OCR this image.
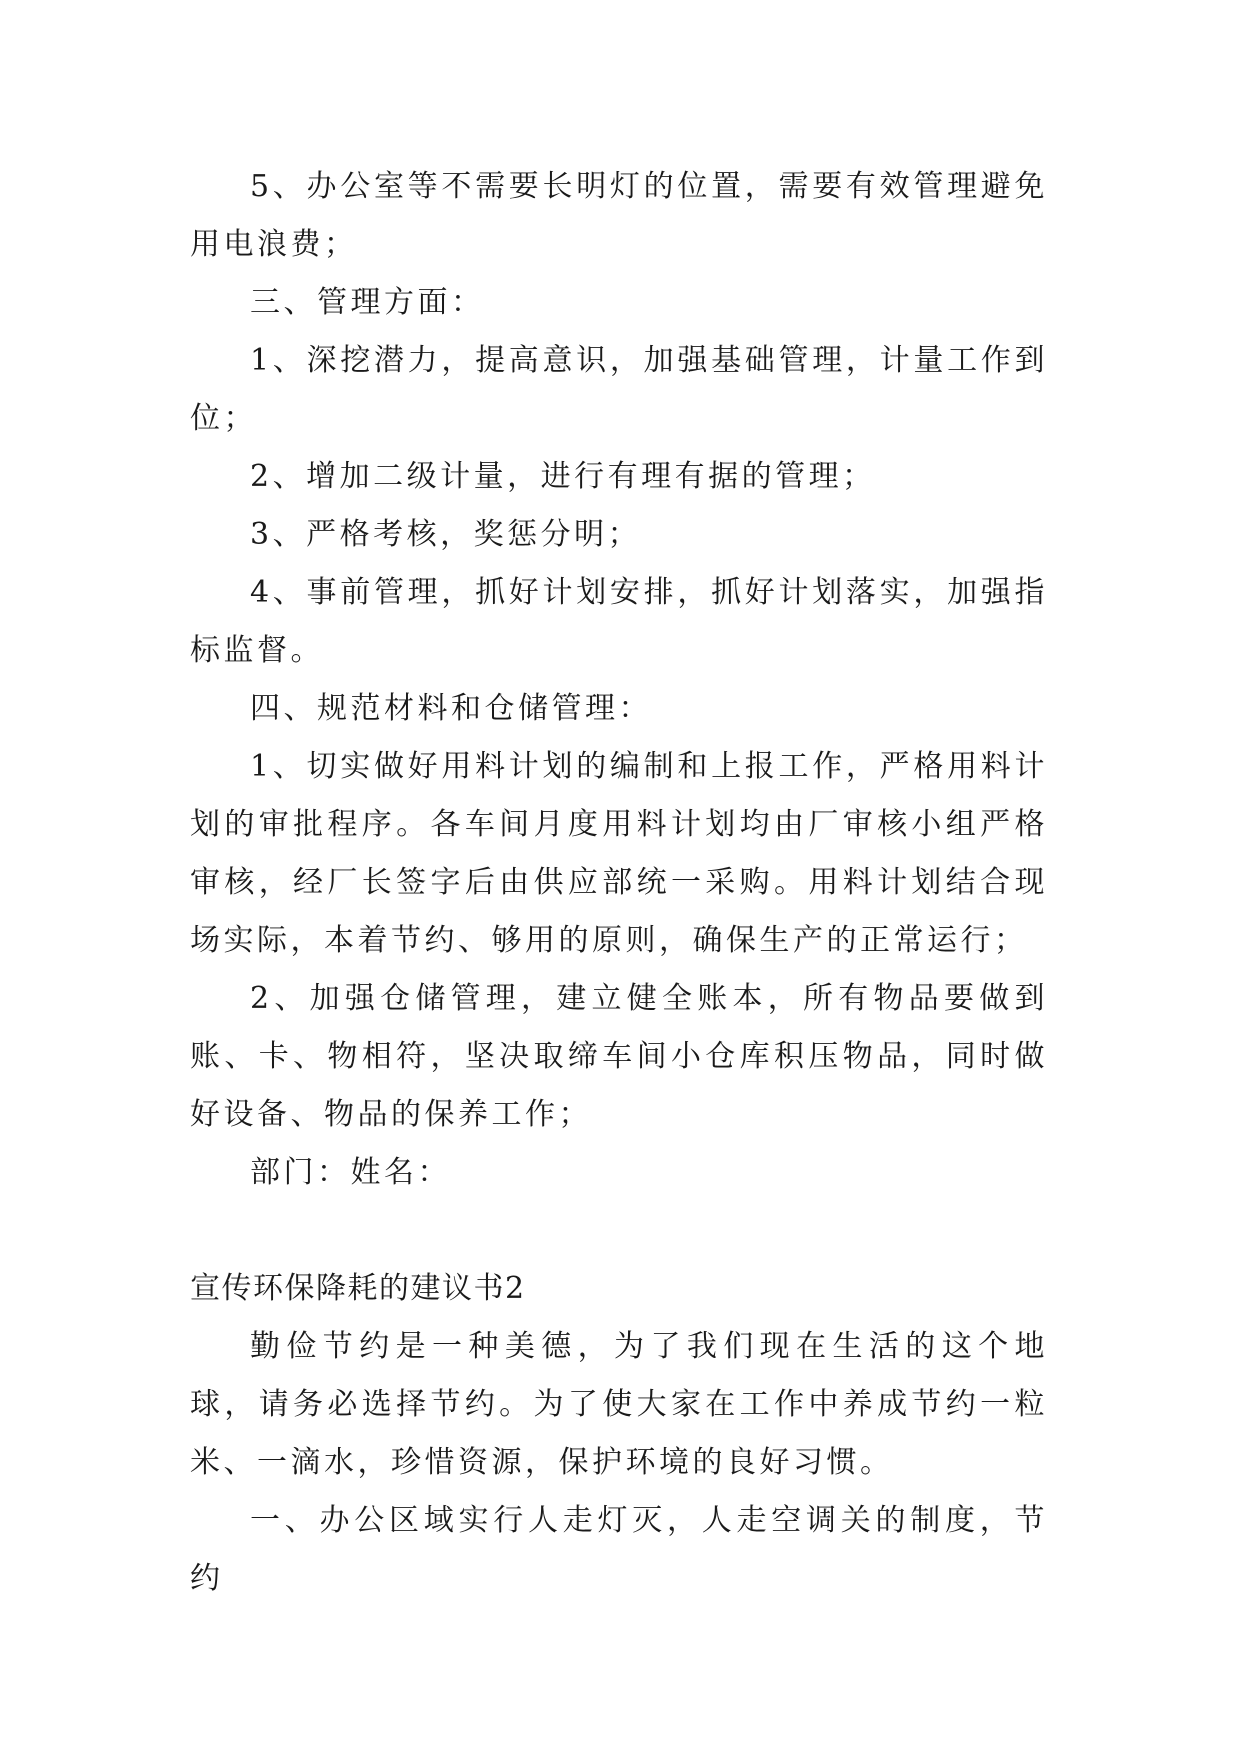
5、办公室等不需要长明灯的位置，需要有效管理避免用电浪费；

三、管理方面：

1、深挖潜力，提高意识，加强基础管理，计量工作到位；

2、增加二级计量，进行有理有据的管理；

3、严格考核，奖惩分明；

4、事前管理，抓好计划安排，抓好计划落实，加强指标监督。

四、规范材料和仓储管理：

1、切实做好用料计划的编制和上报工作，严格用料计划的审批程序。各车间月度用料计划均由厂审核小组严格审核，经厂长签字后由供应部统一采购。用料计划结合现场实际，本着节约、够用的原则，确保生产的正常运行；

2、加强仓储管理，建立健全账本，所有物品要做到账、卡、物相符，坚决取缔车间小仓库积压物品，同时做好设备、物品的保养工作；

部门：姓名：

宣传环保降耗的建议书2

勤俭节约是一种美德，为了我们现在生活的这个地球，请务必选择节约。为了使大家在工作中养成节约一粒米、一滴水，珍惜资源，保护环境的良好习惯。

一、办公区域实行人走灯灭，人走空调关的制度，节约
